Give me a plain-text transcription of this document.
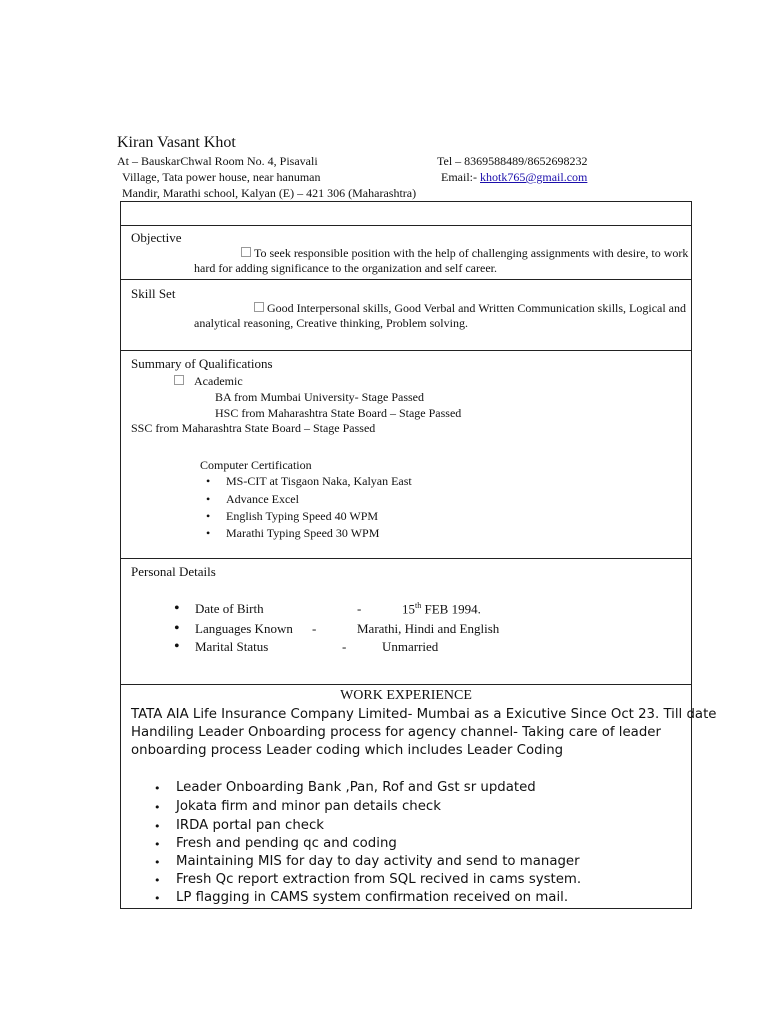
Kiran Vasant Khot
At – BauskarChwal Room No. 4, Pisavali
Village, Tata power house, near hanuman
Mandir, Marathi school, Kalyan (E) – 421 306 (Maharashtra)
Tel – 8369588489/8652698232
Email:- khotk765@gmail.com
Objective
To seek responsible position with the help of challenging assignments with desire, to work
hard for adding significance to the organization and self career.
Skill Set
Good Interpersonal skills, Good Verbal and Written Communication skills, Logical and
analytical reasoning, Creative thinking, Problem solving.
Summary of Qualifications
Academic
BA from Mumbai University- Stage Passed
HSC from Maharashtra State Board – Stage Passed
SSC from Maharashtra State Board – Stage Passed
Computer Certification
• MS-CIT at Tisgaon Naka, Kalyan East
• Advance Excel
• English Typing Speed 40 WPM
• Marathi Typing Speed 30 WPM
Personal Details
• Date of Birth	-	15th FEB 1994.
• Languages Known -	Marathi, Hindi and English
• Marital Status	-	Unmarried
WORK EXPERIENCE
TATA AIA Life Insurance Company Limited- Mumbai as a Exicutive Since Oct 23. Till date
Handiling Leader Onboarding process for agency channel- Taking care of leader
onboarding process Leader coding which includes Leader Coding
• Leader Onboarding Bank ,Pan, Rof and Gst sr updated
• Jokata firm and minor pan details check
• IRDA portal pan check
• Fresh and pending qc and coding
• Maintaining MIS for day to day activity and send to manager
• Fresh Qc report extraction from SQL recived in cams system.
• LP flagging in CAMS system confirmation received on mail.
